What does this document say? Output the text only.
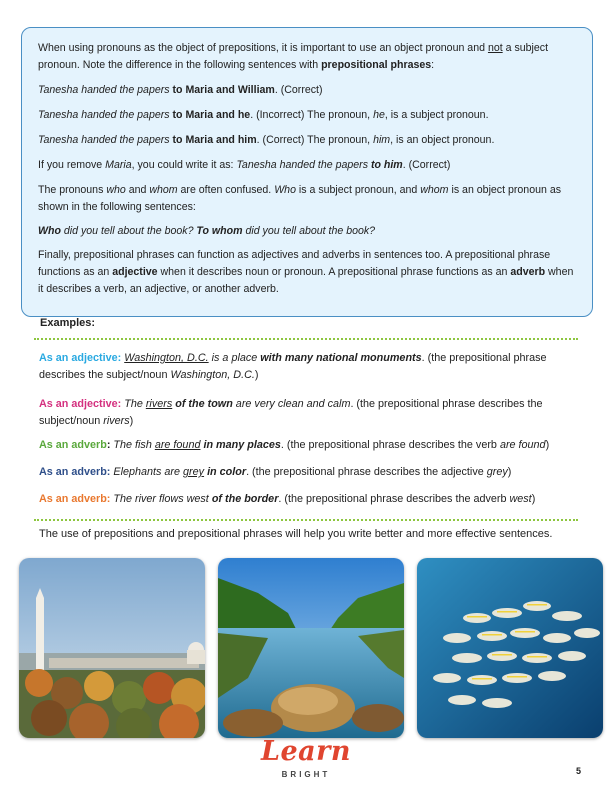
When using pronouns as the object of prepositions, it is important to use an object pronoun and not a subject pronoun. Note the difference in the following sentences with prepositional phrases:

Tanesha handed the papers to Maria and William. (Correct)

Tanesha handed the papers to Maria and he. (Incorrect) The pronoun, he, is a subject pronoun.

Tanesha handed the papers to Maria and him. (Correct) The pronoun, him, is an object pronoun.

If you remove Maria, you could write it as: Tanesha handed the papers to him. (Correct)

The pronouns who and whom are often confused. Who is a subject pronoun, and whom is an object pronoun as shown in the following sentences:

Who did you tell about the book? To whom did you tell about the book?

Finally, prepositional phrases can function as adjectives and adverbs in sentences too. A prepositional phrase functions as an adjective when it describes noun or pronoun. A prepositional phrase functions as an adverb when it describes a verb, an adjective, or another adverb.

Examples:
As an adjective: Washington, D.C. is a place with many national monuments. (the prepositional phrase describes the subject/noun Washington, D.C.)
As an adjective: The rivers of the town are very clean and calm. (the prepositional phrase describes the subject/noun rivers)
As an adverb: The fish are found in many places. (the prepositional phrase describes the verb are found)
As an adverb: Elephants are grey in color. (the prepositional phrase describes the adjective grey)
As an adverb: The river flows west of the border. (the prepositional phrase describes the adverb west)
The use of prepositions and prepositional phrases will help you write better and more effective sentences.
Learn
BRIGHT	5
